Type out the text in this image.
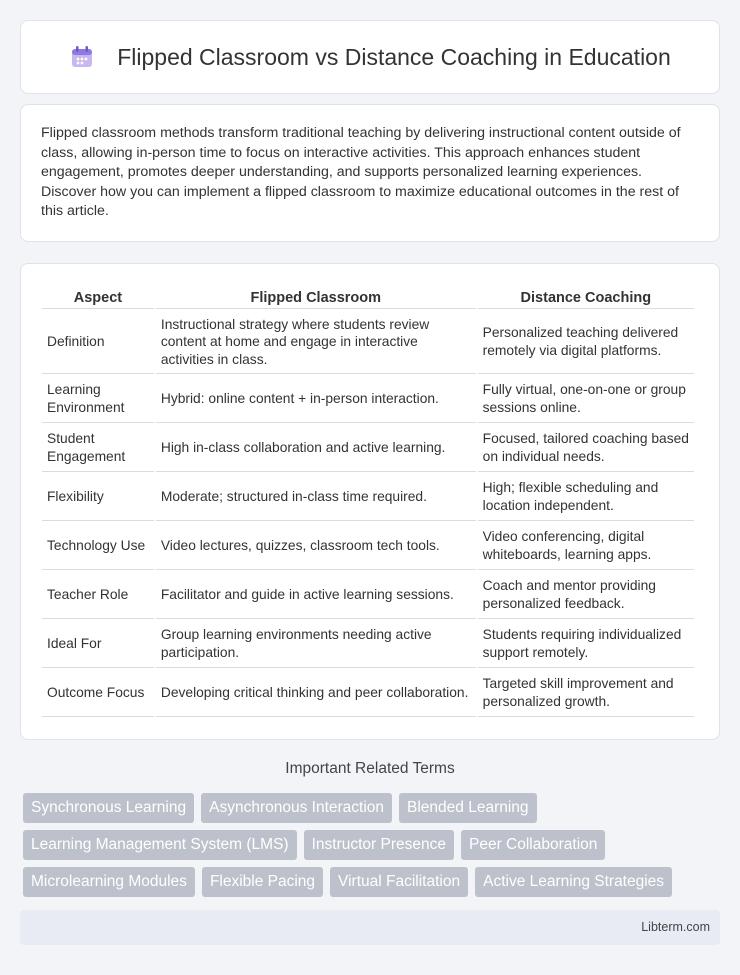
Flipped Classroom vs Distance Coaching in Education

Flipped classroom methods transform traditional teaching by delivering instructional content outside of class, allowing in-person time to focus on interactive activities. This approach enhances student engagement, promotes deeper understanding, and supports personalized learning experiences. Discover how you can implement a flipped classroom to maximize educational outcomes in the rest of this article.

Aspect	Flipped Classroom	Distance Coaching
Definition	Instructional strategy where students review content at home and engage in interactive activities in class.	Personalized teaching delivered remotely via digital platforms.
Learning Environment	Hybrid: online content + in-person interaction.	Fully virtual, one-on-one or group sessions online.
Student Engagement	High in-class collaboration and active learning.	Focused, tailored coaching based on individual needs.
Flexibility	Moderate; structured in-class time required.	High; flexible scheduling and location independent.
Technology Use	Video lectures, quizzes, classroom tech tools.	Video conferencing, digital whiteboards, learning apps.
Teacher Role	Facilitator and guide in active learning sessions.	Coach and mentor providing personalized feedback.
Ideal For	Group learning environments needing active participation.	Students requiring individualized support remotely.
Outcome Focus	Developing critical thinking and peer collaboration.	Targeted skill improvement and personalized growth.
Important Related Terms
Synchronous Learning	Asynchronous Interaction	Blended Learning
Learning Management System (LMS)	Instructor Presence	Peer Collaboration
Microlearning Modules	Flexible Pacing	Virtual Facilitation	Active Learning Strategies
Libterm.com
